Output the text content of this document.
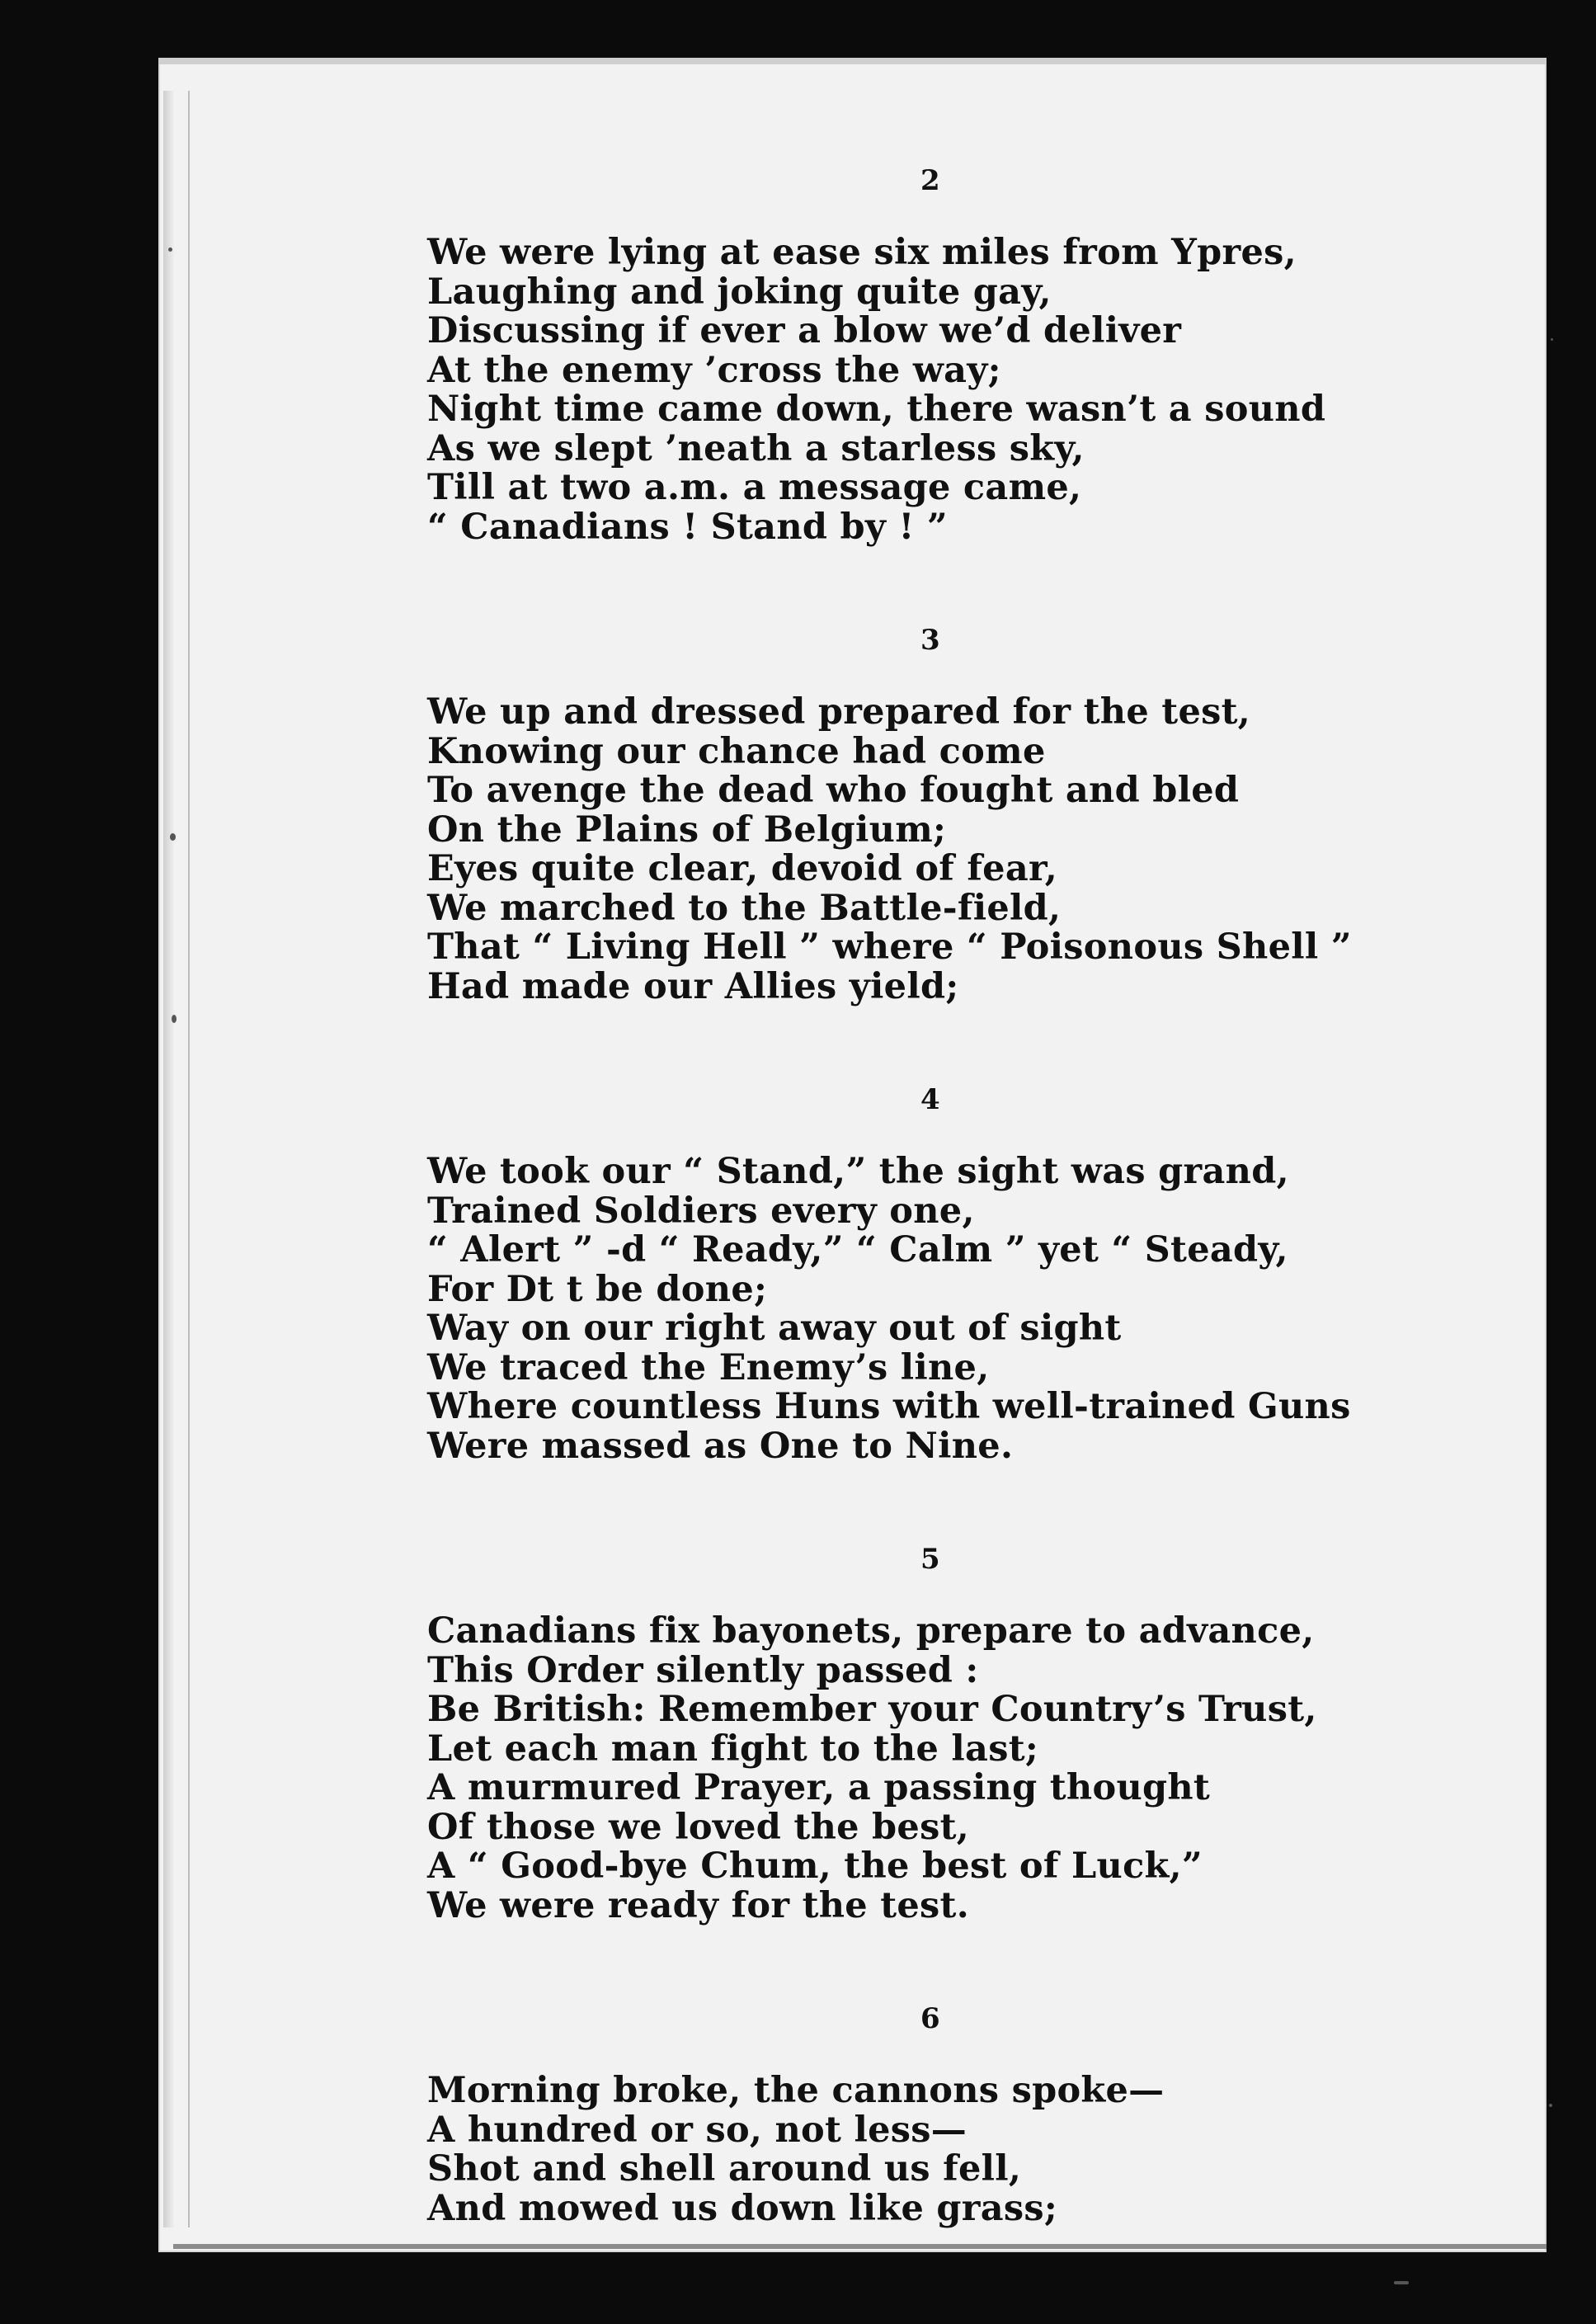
2
We were lying at ease six miles from Ypres,
Laughing and joking quite gay,
Discussing if ever a blow we’d deliver
At the enemy ’cross the way;
Night time came down, there wasn’t a sound
As we slept ’neath a starless sky,
Till at two a.m. a message came,
“ Canadians ! Stand by ! ”
3
We up and dressed prepared for the test,
Knowing our chance had come
To avenge the dead who fought and bled
On the Plains of Belgium;
Eyes quite clear, devoid of fear,
We marched to the Battle-field,
That “ Living Hell ” where “ Poisonous Shell ”
Had made our Allies yield;
4
We took our “ Stand,” the sight was grand,
Trained Soldiers every one,
“ Alert ” -d “ Ready,” “ Calm ” yet “ Steady,
For Dt t be done;
Way on our right away out of sight
We traced the Enemy’s line,
Where countless Huns with well-trained Guns
Were massed as One to Nine.
5
Canadians fix bayonets, prepare to advance,
This Order silently passed :
Be British: Remember your Country’s Trust,
Let each man fight to the last;
A murmured Prayer, a passing thought
Of those we loved the best,
A “ Good-bye Chum, the best of Luck,”
We were ready for the test.
6
Morning broke, the cannons spoke—
A hundred or so, not less—
Shot and shell around us fell,
And mowed us down like grass;
